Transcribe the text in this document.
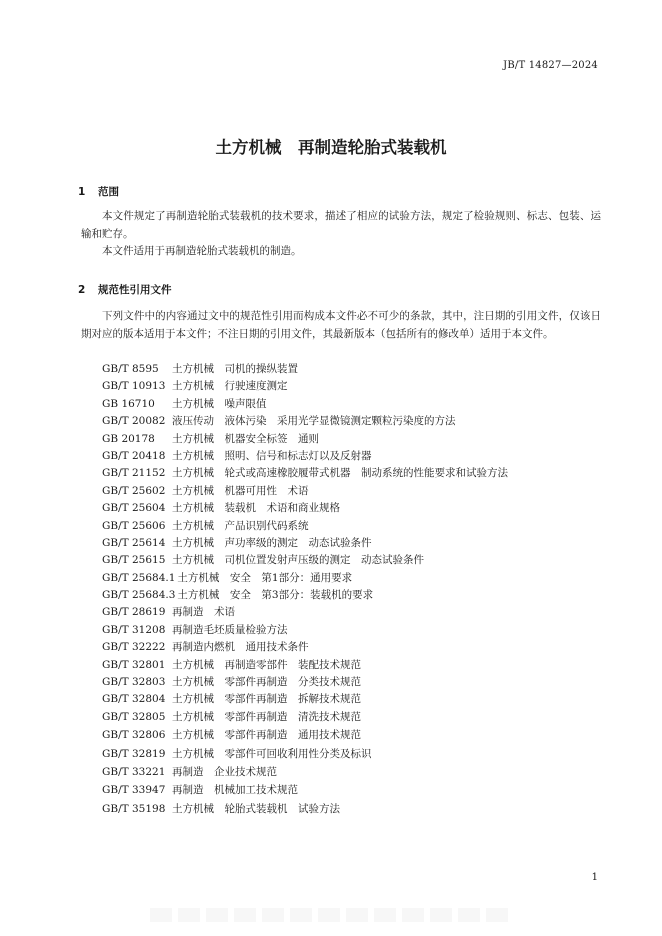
JB/T 14827—2024
土方机械　再制造轮胎式装载机
1 范围

本文件规定了再制造轮胎式装载机的技术要求，描述了相应的试验方法，规定了检验规则、标志、包装、运输和贮存。

本文件适用于再制造轮胎式装载机的制造。

2 规范性引用文件

下列文件中的内容通过文中的规范性引用而构成本文件必不可少的条款，其中，注日期的引用文件，仅该日期对应的版本适用于本文件；不注日期的引用文件，其最新版本（包括所有的修改单）适用于本文件。

GB/T 8595 土方机械　司机的操纵装置
GB/T 10913 土方机械　行驶速度测定
GB 16710 土方机械　噪声限值
GB/T 20082 液压传动　液体污染　采用光学显微镜测定颗粒污染度的方法
GB 20178 土方机械　机器安全标签　通则
GB/T 20418 土方机械　照明、信号和标志灯以及反射器
GB/T 21152 土方机械　轮式或高速橡胶履带式机器　制动系统的性能要求和试验方法
GB/T 25602 土方机械　机器可用性　术语
GB/T 25604 土方机械　装载机　术语和商业规格
GB/T 25606 土方机械　产品识别代码系统
GB/T 25614 土方机械　声功率级的测定　动态试验条件
GB/T 25615 土方机械　司机位置发射声压级的测定　动态试验条件
GB/T 25684.1 土方机械　安全　第1部分：通用要求
GB/T 25684.3 土方机械　安全　第3部分：装载机的要求
GB/T 28619 再制造　术语
GB/T 31208 再制造毛坯质量检验方法
GB/T 32222 再制造内燃机　通用技术条件
GB/T 32801 土方机械　再制造零部件　装配技术规范
GB/T 32803 土方机械　零部件再制造　分类技术规范
GB/T 32804 土方机械　零部件再制造　拆解技术规范
GB/T 32805 土方机械　零部件再制造　清洗技术规范
GB/T 32806 土方机械　零部件再制造　通用技术规范
GB/T 32819 土方机械　零部件可回收利用性分类及标识
GB/T 33221 再制造　企业技术规范
GB/T 33947 再制造　机械加工技术规范
GB/T 35198 土方机械　轮胎式装载机　试验方法
1
